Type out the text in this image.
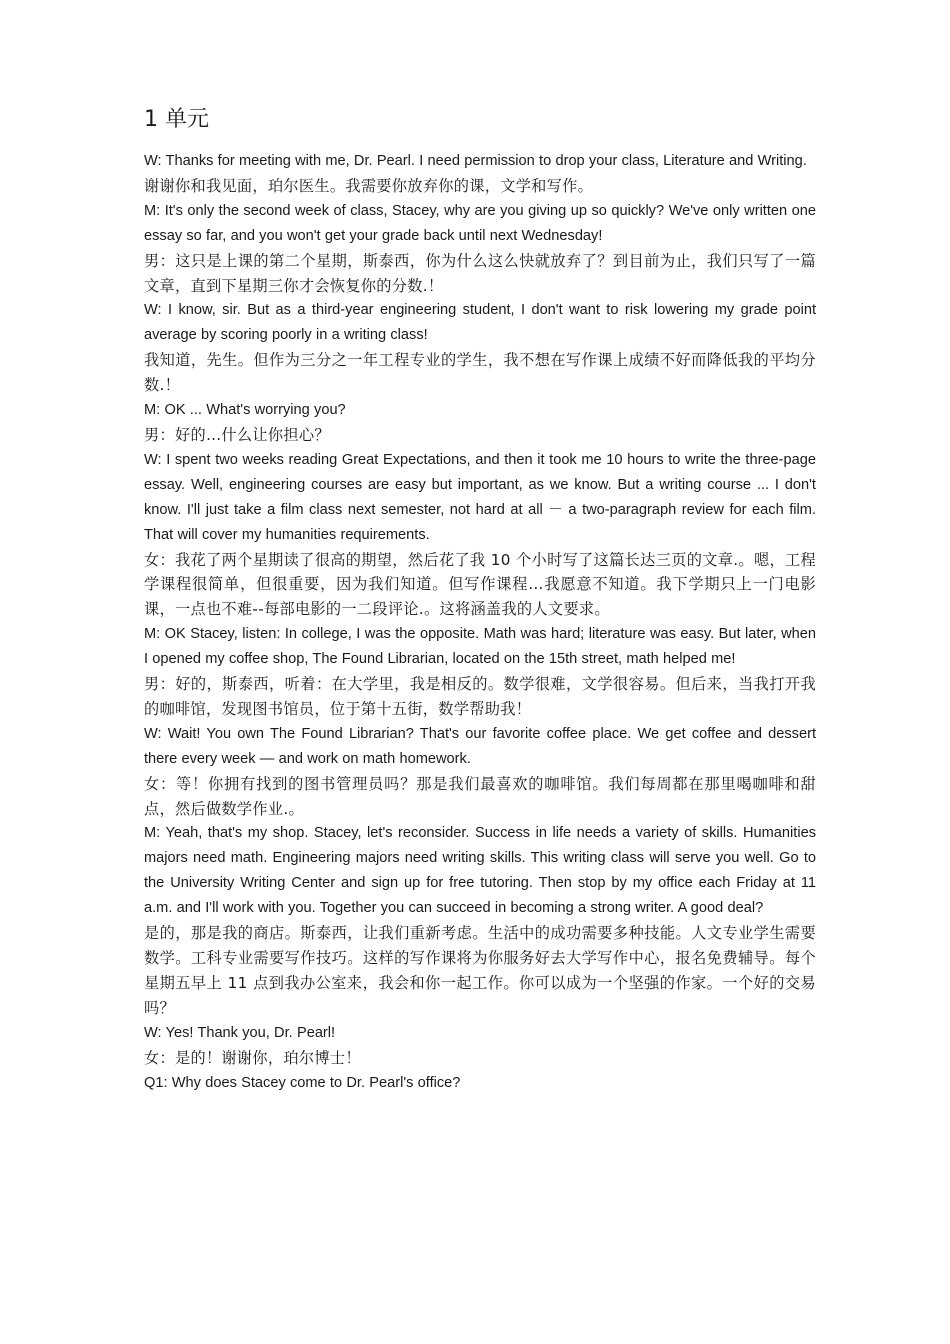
1 单元

W: Thanks for meeting with me, Dr. Pearl. I need permission to drop your class, Literature and Writing.

谢谢你和我见面，珀尔医生。我需要你放弃你的课，文学和写作。

M: It's only the second week of class, Stacey, why are you giving up so quickly? We've only written one essay so far, and you won't get your grade back until next Wednesday!

男：这只是上课的第二个星期，斯泰西，你为什么这么快就放弃了？到目前为止，我们只写了一篇文章，直到下星期三你才会恢复你的分数.！

W: I know, sir. But as a third-year engineering student, I don't want to risk lowering my grade point average by scoring poorly in a writing class!

我知道，先生。但作为三分之一年工程专业的学生，我不想在写作课上成绩不好而降低我的平均分数.！

M: OK ... What's worrying you?

男：好的…什么让你担心？

W: I spent two weeks reading Great Expectations, and then it took me 10 hours to write the three-page essay. Well, engineering courses are easy but important, as we know. But a writing course ... I don't know. I'll just take a film class next semester, not hard at all － a two-paragraph review for each film. That will cover my humanities requirements.

女：我花了两个星期读了很高的期望，然后花了我 10 个小时写了这篇长达三页的文章.。嗯，工程学课程很简单，但很重要，因为我们知道。但写作课程…我愿意不知道。我下学期只上一门电影课，一点也不难--每部电影的一二段评论.。这将涵盖我的人文要求。

M: OK Stacey, listen: In college, I was the opposite. Math was hard; literature was easy. But later, when I opened my coffee shop, The Found Librarian, located on the 15th street, math helped me!

男：好的，斯泰西，听着：在大学里，我是相反的。数学很难，文学很容易。但后来，当我打开我的咖啡馆，发现图书馆员，位于第十五街，数学帮助我！

W: Wait! You own The Found Librarian? That's our favorite coffee place. We get coffee and dessert there every week — and work on math homework.

女：等！你拥有找到的图书管理员吗？那是我们最喜欢的咖啡馆。我们每周都在那里喝咖啡和甜点，然后做数学作业.。

M: Yeah, that's my shop. Stacey, let's reconsider. Success in life needs a variety of skills. Humanities majors need math. Engineering majors need writing skills. This writing class will serve you well. Go to the University Writing Center and sign up for free tutoring. Then stop by my office each Friday at 11 a.m. and I'll work with you. Together you can succeed in becoming a strong writer. A good deal?

是的，那是我的商店。斯泰西，让我们重新考虑。生活中的成功需要多种技能。人文专业学生需要数学。工科专业需要写作技巧。这样的写作课将为你服务好去大学写作中心，报名免费辅导。每个星期五早上 11 点到我办公室来，我会和你一起工作。你可以成为一个坚强的作家。一个好的交易吗？

W: Yes! Thank you, Dr. Pearl!

女：是的！谢谢你，珀尔博士！

Q1: Why does Stacey come to Dr. Pearl's office?
